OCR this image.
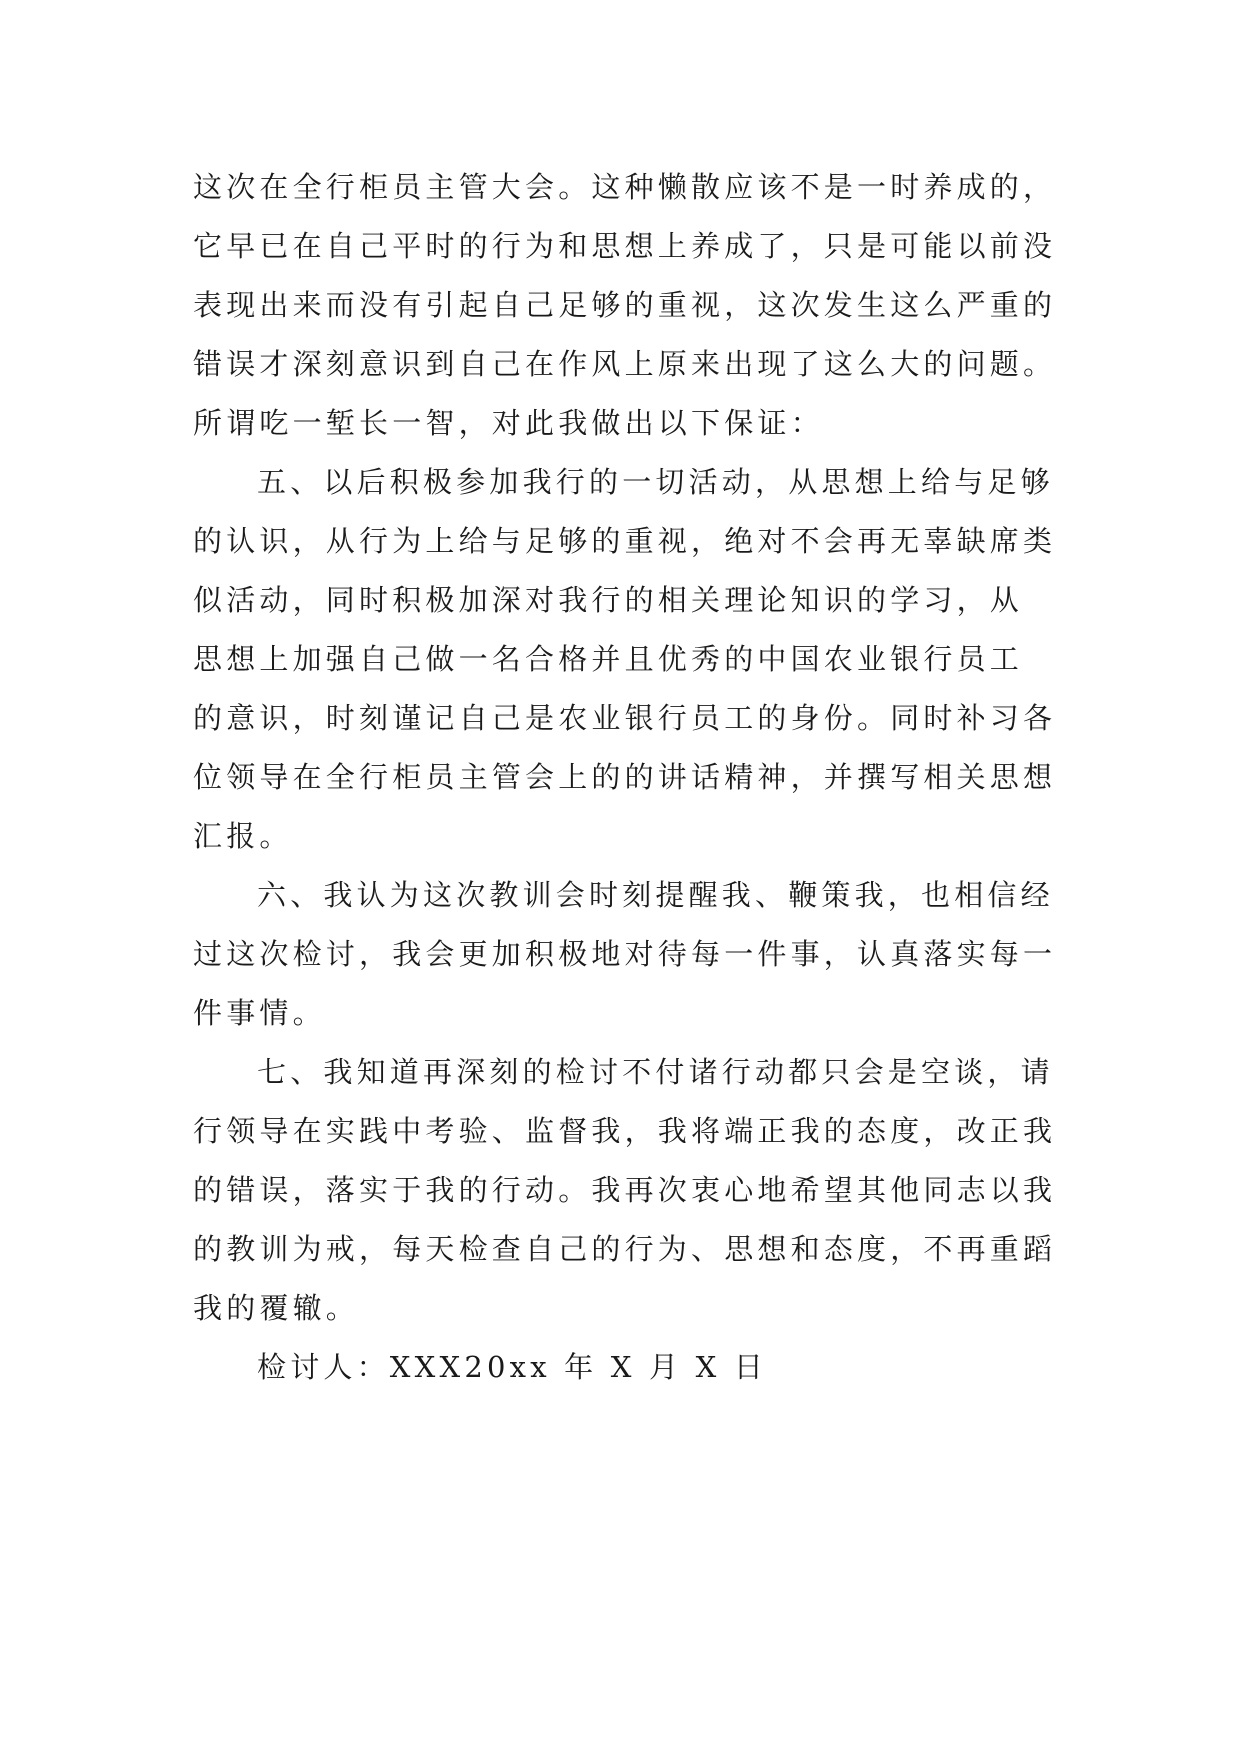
这次在全行柜员主管大会。这种懒散应该不是一时养成的，
它早已在自己平时的行为和思想上养成了，只是可能以前没
表现出来而没有引起自己足够的重视，这次发生这么严重的
错误才深刻意识到自己在作风上原来出现了这么大的问题。
所谓吃一堑长一智，对此我做出以下保证：
五、以后积极参加我行的一切活动，从思想上给与足够
的认识，从行为上给与足够的重视，绝对不会再无辜缺席类
似活动，同时积极加深对我行的相关理论知识的学习，从
思想上加强自己做一名合格并且优秀的中国农业银行员工
的意识，时刻谨记自己是农业银行员工的身份。同时补习各
位领导在全行柜员主管会上的的讲话精神，并撰写相关思想
汇报。
六、我认为这次教训会时刻提醒我、鞭策我，也相信经
过这次检讨，我会更加积极地对待每一件事，认真落实每一
件事情。
七、我知道再深刻的检讨不付诸行动都只会是空谈，请
行领导在实践中考验、监督我，我将端正我的态度，改正我
的错误，落实于我的行动。我再次衷心地希望其他同志以我
的教训为戒，每天检查自己的行为、思想和态度，不再重蹈
我的覆辙。
检讨人：XXX20xx 年 X 月 X 日
